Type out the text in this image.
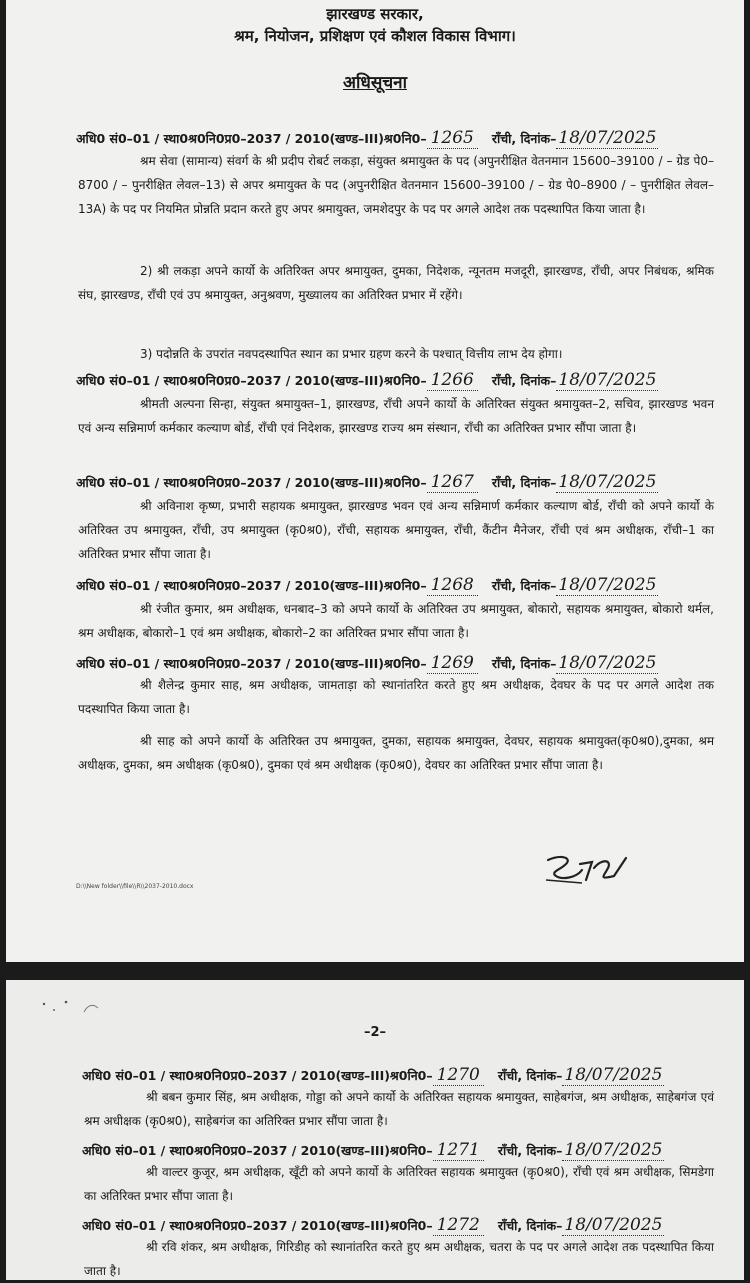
झारखण्ड सरकार,
श्रम, नियोजन, प्रशिक्षण एवं कौशल विकास विभाग।
अधिसूचना
अधि0 सं0–01 / स्था0श्र0नि0प्र0–2037 / 2010(खण्ड–III)श्र0नि0– 1265 राँची, दिनांक– 18/07/2025

श्रम सेवा (सामान्य) संवर्ग के श्री प्रदीप रोबर्ट लकड़ा, संयुक्त श्रमायुक्त के पद (अपुनरीक्षित वेतनमान 15600–39100 / – ग्रेड पे0–8700 / – पुनरीक्षित लेवल–13) से अपर श्रमायुक्त के पद (अपुनरीक्षित वेतनमान 15600–39100 / – ग्रेड पे0–8900 / – पुनरीक्षित लेवल–13A) के पद पर नियमित प्रोन्नति प्रदान करते हुए अपर श्रमायुक्त, जमशेदपुर के पद पर अगले आदेश तक पदस्थापित किया जाता है।

2) श्री लकड़ा अपने कार्यो के अतिरिक्त अपर श्रमायुक्त, दुमका, निदेशक, न्यूनतम मजदूरी, झारखण्ड, राँची, अपर निबंधक, श्रमिक संघ, झारखण्ड, राँची एवं उप श्रमायुक्त, अनुश्रवण, मुख्यालय का अतिरिक्त प्रभार में रहेंगे।

3) पदोन्नति के उपरांत नवपदस्थापित स्थान का प्रभार ग्रहण करने के पश्चात् वित्तीय लाभ देय होगा।

अधि0 सं0–01 / स्था0श्र0नि0प्र0–2037 / 2010(खण्ड–III)श्र0नि0– 1266 राँची, दिनांक– 18/07/2025

श्रीमती अल्पना सिन्हा, संयुक्त श्रमायुक्त–1, झारखण्ड, राँची अपने कार्यो के अतिरिक्त संयुक्त श्रमायुक्त–2, सचिव, झारखण्ड भवन एवं अन्य सन्निमार्ण कर्मकार कल्याण बोर्ड, राँची एवं निदेशक, झारखण्ड राज्य श्रम संस्थान, राँची का अतिरिक्त प्रभार सौंपा जाता है।

अधि0 सं0–01 / स्था0श्र0नि0प्र0–2037 / 2010(खण्ड–III)श्र0नि0– 1267 राँची, दिनांक– 18/07/2025

श्री अविनाश कृष्ण, प्रभारी सहायक श्रमायुक्त, झारखण्ड भवन एवं अन्य सन्निमार्ण कर्मकार कल्याण बोर्ड, राँची को अपने कार्यो के अतिरिक्त उप श्रमायुक्त, राँची, उप श्रमायुक्त (कृ0श्र0), राँची, सहायक श्रमायुक्त, राँची, कैंटीन मैनेजर, राँची एवं श्रम अधीक्षक, राँची–1 का अतिरिक्त प्रभार सौंपा जाता है।

अधि0 सं0–01 / स्था0श्र0नि0प्र0–2037 / 2010(खण्ड–III)श्र0नि0– 1268 राँची, दिनांक– 18/07/2025

श्री रंजीत कुमार, श्रम अधीक्षक, धनबाद–3 को अपने कार्यो के अतिरिक्त उप श्रमायुक्त, बोकारो, सहायक श्रमायुक्त, बोकारो थर्मल, श्रम अधीक्षक, बोकारो–1 एवं श्रम अधीक्षक, बोकारो–2 का अतिरिक्त प्रभार सौंपा जाता है।

अधि0 सं0–01 / स्था0श्र0नि0प्र0–2037 / 2010(खण्ड–III)श्र0नि0– 1269 राँची, दिनांक– 18/07/2025

श्री शैलेन्द्र कुमार साह, श्रम अधीक्षक, जामताड़ा को स्थानांतरित करते हुए श्रम अधीक्षक, देवघर के पद पर अगले आदेश तक पदस्थापित किया जाता है।

श्री साह को अपने कार्यो के अतिरिक्त उप श्रमायुक्त, दुमका, सहायक श्रमायुक्त, देवघर, सहायक श्रमायुक्त(कृ0श्र0),दुमका, श्रम अधीक्षक, दुमका, श्रम अधीक्षक (कृ0श्र0), दुमका एवं श्रम अधीक्षक (कृ0श्र0), देवघर का अतिरिक्त प्रभार सौंपा जाता है।

D:\\New folder\\file\\R\\2037-2010.docx
–2–
अधि0 सं0–01 / स्था0श्र0नि0प्र0–2037 / 2010(खण्ड–III)श्र0नि0– 1270 राँची, दिनांक– 18/07/2025

श्री बबन कुमार सिंह, श्रम अधीक्षक, गोड्डा को अपने कार्यो के अतिरिक्त सहायक श्रमायुक्त, साहेबगंज, श्रम अधीक्षक, साहेबगंज एवं श्रम अधीक्षक (कृ0श्र0), साहेबगंज का अतिरिक्त प्रभार सौंपा जाता है।

अधि0 सं0–01 / स्था0श्र0नि0प्र0–2037 / 2010(खण्ड–III)श्र0नि0– 1271 राँची, दिनांक– 18/07/2025

श्री वाल्टर कुजूर, श्रम अधीक्षक, खूँटी को अपने कार्यो के अतिरिक्त सहायक श्रमायुक्त (कृ0श्र0), राँची एवं श्रम अधीक्षक, सिमडेगा का अतिरिक्त प्रभार सौंपा जाता है।

अधि0 सं0–01 / स्था0श्र0नि0प्र0–2037 / 2010(खण्ड–III)श्र0नि0– 1272 राँची, दिनांक– 18/07/2025

श्री रवि शंकर, श्रम अधीक्षक, गिरिडीह को स्थानांतरित करते हुए श्रम अधीक्षक, चतरा के पद पर अगले आदेश तक पदस्थापित किया जाता है।
